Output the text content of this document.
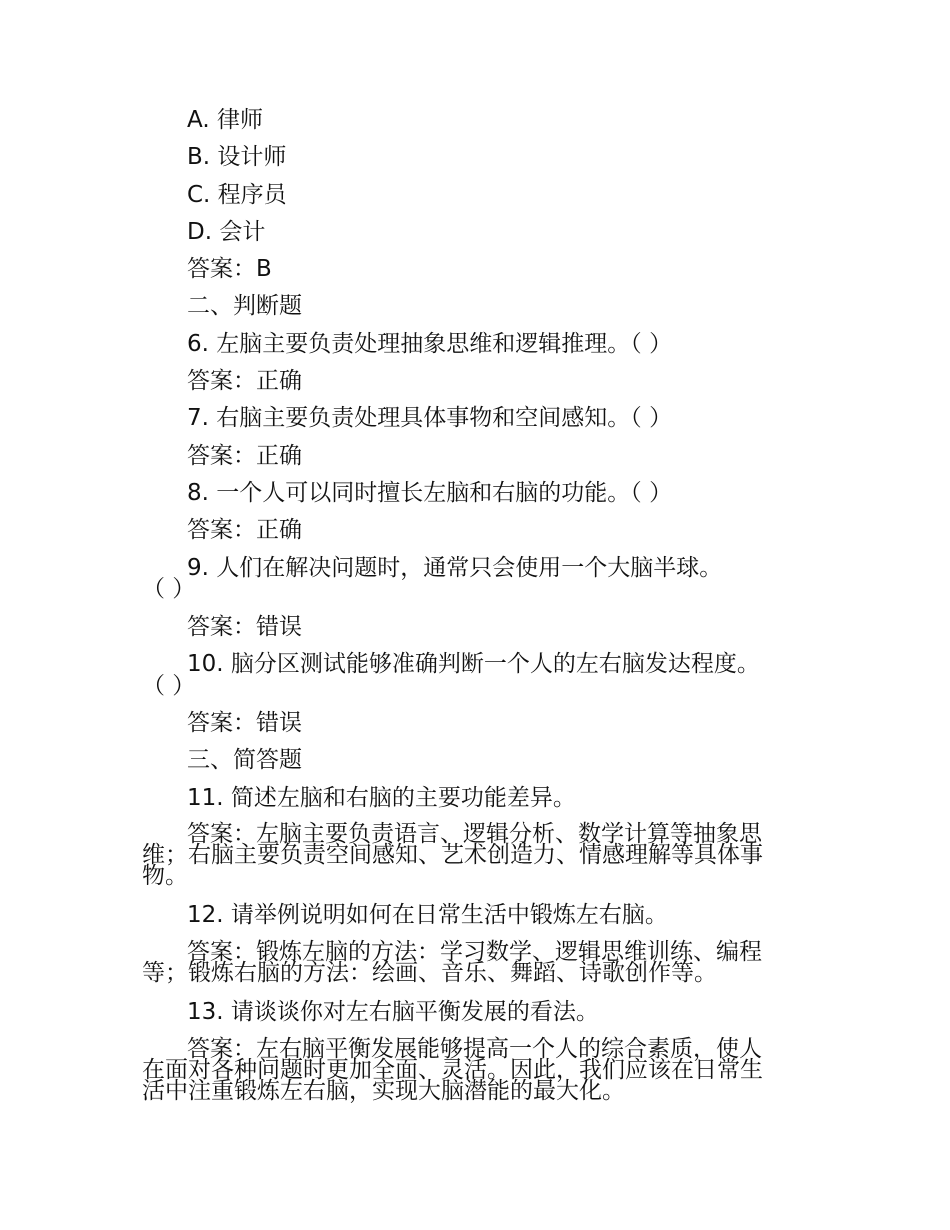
A. 律师
B. 设计师
C. 程序员
D. 会计
答案：B
二、判断题
6. 左脑主要负责处理抽象思维和逻辑推理。（ ）
答案：正确
7. 右脑主要负责处理具体事物和空间感知。（ ）
答案：正确
8. 一个人可以同时擅长左脑和右脑的功能。（ ）
答案：正确
9. 人们在解决问题时，通常只会使用一个大脑半球。
（ ）
答案：错误
10. 脑分区测试能够准确判断一个人的左右脑发达程度。
（ ）
答案：错误
三、简答题
11. 简述左脑和右脑的主要功能差异。
答案：左脑主要负责语言、逻辑分析、数学计算等抽象思
维；右脑主要负责空间感知、艺术创造力、情感理解等具体事
物。
12. 请举例说明如何在日常生活中锻炼左右脑。
答案：锻炼左脑的方法：学习数学、逻辑思维训练、编程
等；锻炼右脑的方法：绘画、音乐、舞蹈、诗歌创作等。
13. 请谈谈你对左右脑平衡发展的看法。
答案：左右脑平衡发展能够提高一个人的综合素质，使人
在面对各种问题时更加全面、灵活。因此，我们应该在日常生
活中注重锻炼左右脑，实现大脑潜能的最大化。
